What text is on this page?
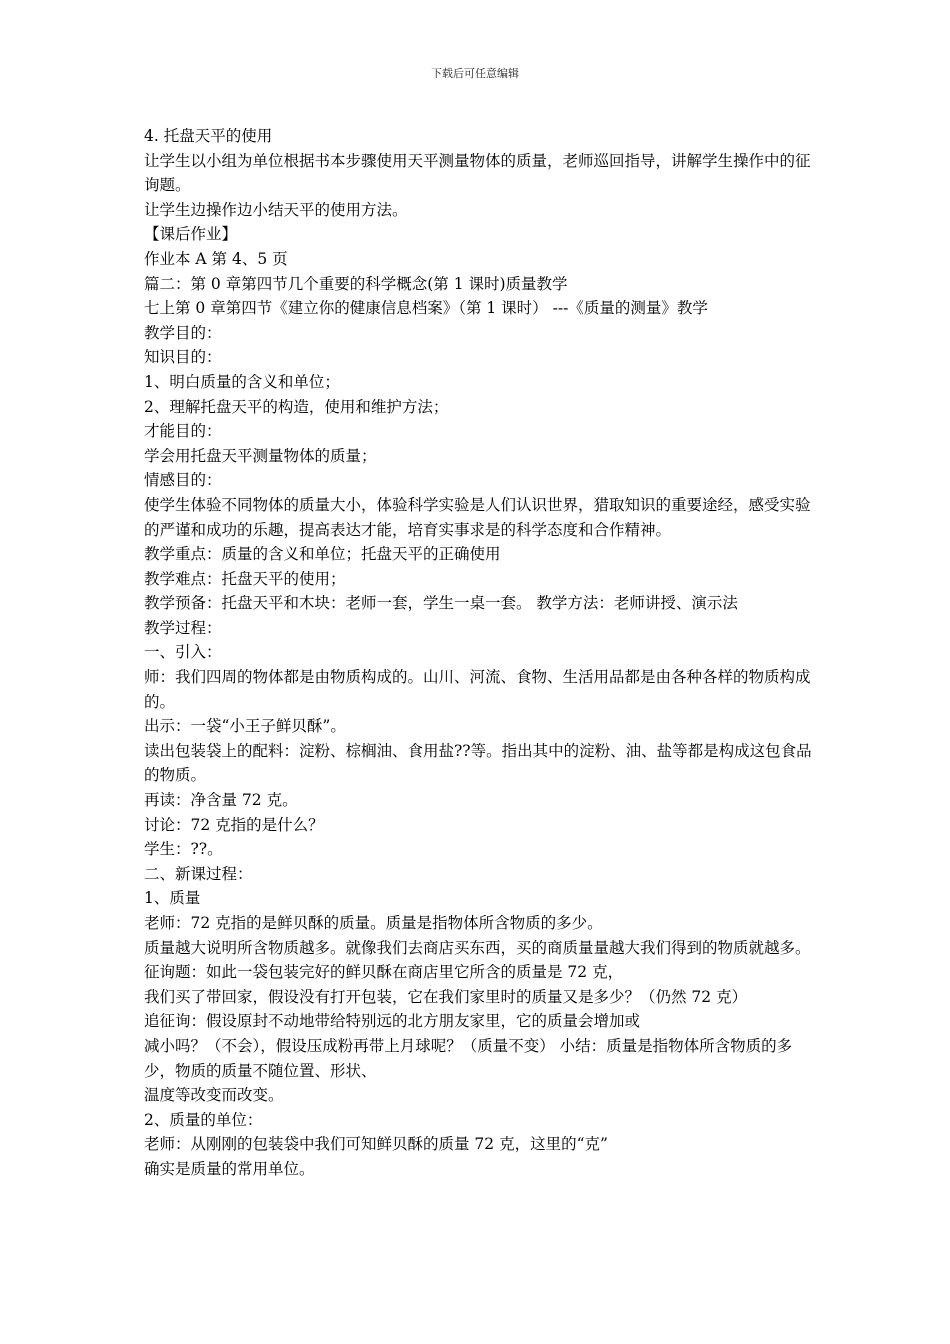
下载后可任意编辑

4. 托盘天平的使用

让学生以小组为单位根据书本步骤使用天平测量物体的质量，老师巡回指导，讲解学生操作中的征询题。

让学生边操作边小结天平的使用方法。

【课后作业】

作业本 A 第 4、5 页

篇二：第 0 章第四节几个重要的科学概念(第 1 课时)质量教学

七上第 0 章第四节《建立你的健康信息档案》（第 1 课时） ---《质量的测量》教学

教学目的：

知识目的：

1、明白质量的含义和单位；

2、理解托盘天平的构造，使用和维护方法；

才能目的：

学会用托盘天平测量物体的质量；

情感目的：

使学生体验不同物体的质量大小，体验科学实验是人们认识世界，猎取知识的重要途经，感受实验的严谨和成功的乐趣，提高表达才能，培育实事求是的科学态度和合作精神。

教学重点：质量的含义和单位；托盘天平的正确使用

教学难点：托盘天平的使用；

教学预备：托盘天平和木块：老师一套，学生一桌一套。 教学方法：老师讲授、演示法

教学过程：

一、引入：

师：我们四周的物体都是由物质构成的。山川、河流、食物、生活用品都是由各种各样的物质构成的。

出示：一袋“小王子鲜贝酥”。

读出包装袋上的配料：淀粉、棕榈油、食用盐??等。指出其中的淀粉、油、盐等都是构成这包食品的物质。

再读：净含量 72 克。

讨论：72 克指的是什么？

学生：??。

二、新课过程：

1、质量

老师：72 克指的是鲜贝酥的质量。质量是指物体所含物质的多少。

质量越大说明所含物质越多。就像我们去商店买东西，买的商质量量越大我们得到的物质就越多。

征询题：如此一袋包装完好的鲜贝酥在商店里它所含的质量是 72 克，

我们买了带回家，假设没有打开包装，它在我们家里时的质量又是多少？（仍然 72 克）

追征询：假设原封不动地带给特别远的北方朋友家里，它的质量会增加或

减小吗？（不会），假设压成粉再带上月球呢？（质量不变） 小结：质量是指物体所含物质的多少，物质的质量不随位置、形状、

温度等改变而改变。

2、质量的单位：

老师：从刚刚的包装袋中我们可知鲜贝酥的质量 72 克，这里的“克”

确实是质量的常用单位。
